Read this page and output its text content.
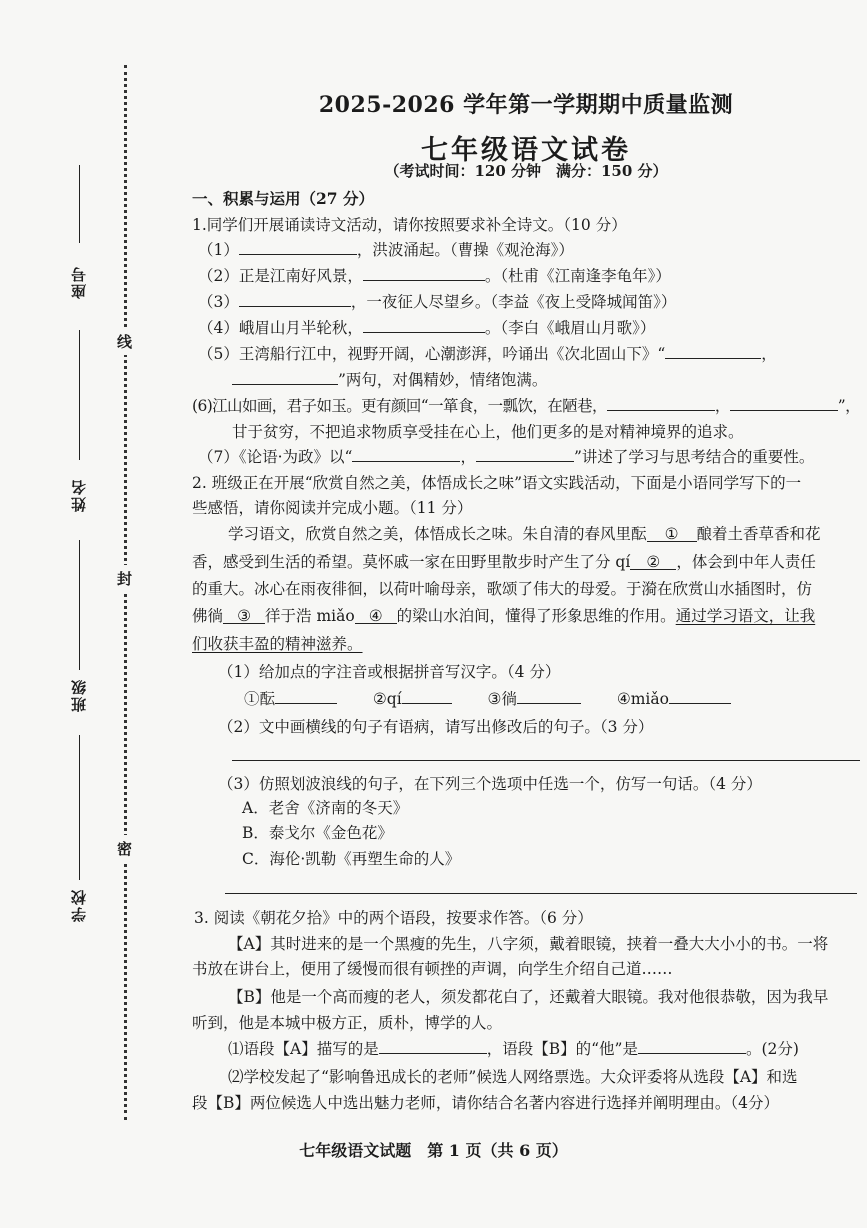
座号
姓名
班级
学校
线
封
密
2025-2026 学年第一学期期中质量监测
七年级语文试卷
（考试时间：120 分钟　满分：150 分）
一、积累与运用（27 分）
1.同学们开展诵读诗文活动，请你按照要求补全诗文。（10 分）
（1）	，洪波涌起。（曹操《观沧海》）
（2）正是江南好风景，	。（杜甫《江南逢李龟年》）
（3）	，一夜征人尽望乡。（李益《夜上受降城闻笛》）
（4）峨眉山月半轮秋，	。（李白《峨眉山月歌》）
（5）王湾船行江中，视野开阔，心潮澎湃，吟诵出《次北固山下》“	，
”两句，对偶精妙，情绪饱满。
(6)江山如画，君子如玉。更有颜回“一箪食，一瓢饮，在陋巷，	，	”，
甘于贫穷，不把追求物质享受挂在心上，他们更多的是对精神境界的追求。
（7）《论语·为政》以“	，	”讲述了学习与思考结合的重要性。
2. 班级正在开展“欣赏自然之美，体悟成长之味”语文实践活动，下面是小语同学写下的一
些感悟，请你阅读并完成小题。（11 分）
学习语文，欣赏自然之美，体悟成长之味。朱自清的春风里酝 ① 酿着土香草香和花
香，感受到生活的希望。莫怀戚一家在田野里散步时产生了分 qí ② ，体会到中年人责任
的重大。冰心在雨夜徘徊，以荷叶喻母亲，歌颂了伟大的母爱。于漪在欣赏山水插图时，仿
佛徜 ③ 徉于浩 miǎo ④ 的梁山水泊间，懂得了形象思维的作用。通过学习语文，让我
们收获丰盈的精神滋养。
（1）给加点的字注音或根据拼音写汉字。（4 分）
①酝	②qí	③徜	④miǎo
（2）文中画横线的句子有语病，请写出修改后的句子。（3 分）
（3）仿照划波浪线的句子，在下列三个选项中任选一个，仿写一句话。（4 分）
A．老舍《济南的冬天》
B．泰戈尔《金色花》
C．海伦·凯勒《再塑生命的人》
3. 阅读《朝花夕拾》中的两个语段，按要求作答。（6 分）
【A】其时进来的是一个黑瘦的先生，八字须，戴着眼镜，挟着一叠大大小小的书。一将
书放在讲台上，便用了缓慢而很有顿挫的声调，向学生介绍自己道……
【B】他是一个高而瘦的老人，须发都花白了，还戴着大眼镜。我对他很恭敬，因为我早
听到，他是本城中极方正，质朴，博学的人。
⑴语段【A】描写的是	，语段【B】的“他”是	。(2分)
⑵学校发起了“影响鲁迅成长的老师”候选人网络票选。大众评委将从选段【A】和选
段【B】两位候选人中选出魅力老师，请你结合名著内容进行选择并阐明理由。（4分）
七年级语文试题　第 1 页（共 6 页）
